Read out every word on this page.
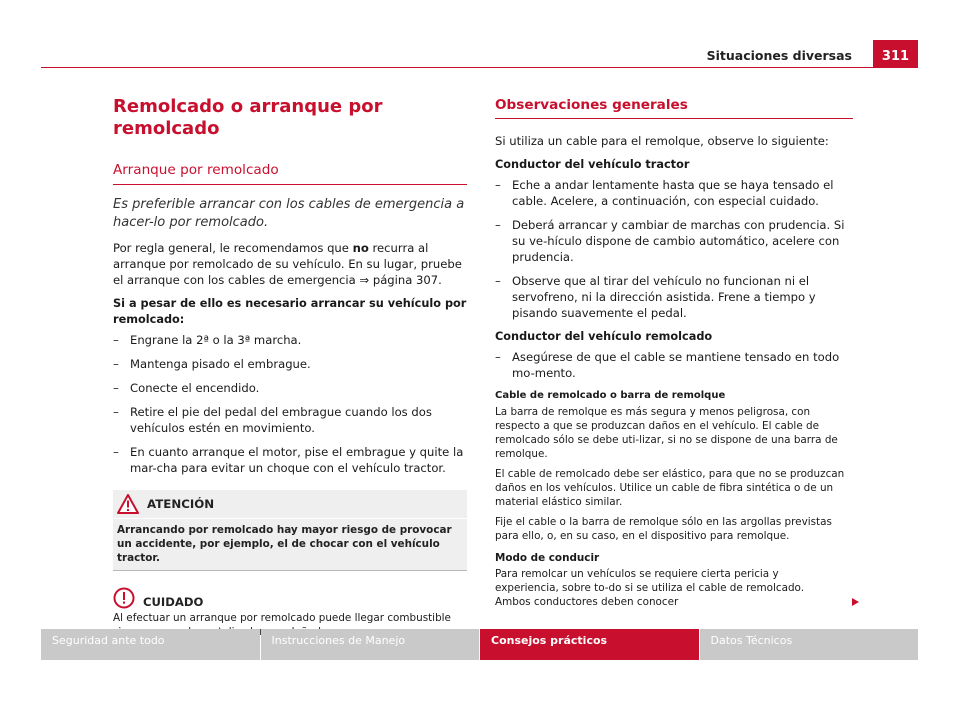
Situaciones diversas	311
Remolcado o arranque por remolcado
Arranque por remolcado
Es preferible arrancar con los cables de emergencia a hacer-lo por remolcado.

Por regla general, le recomendamos que no recurra al arranque por remolcado de su vehículo. En su lugar, pruebe el arranque con los cables de emergencia ⇒ página 307.

Si a pesar de ello es necesario arrancar su vehículo por remolcado:

– Engrane la 2ª o la 3ª marcha.
– Mantenga pisado el embrague.
– Conecte el encendido.
– Retire el pie del pedal del embrague cuando los dos vehículos estén en movimiento.
– En cuanto arranque el motor, pise el embrague y quite la mar-cha para evitar un choque con el vehículo tractor.
ATENCIÓN
Arrancando por remolcado hay mayor riesgo de provocar un accidente, por ejemplo, el de chocar con el vehículo tractor.
CUIDADO
Al efectuar un arranque por remolcado puede llegar combustible
Observaciones generales

Si utiliza un cable para el remolque, observe lo siguiente:

Conductor del vehículo tractor

– Eche a andar lentamente hasta que se haya tensado el cable. Acelere, a continuación, con especial cuidado.
– Deberá arrancar y cambiar de marchas con prudencia. Si su ve-hículo dispone de cambio automático, acelere con prudencia.
– Observe que al tirar del vehículo no funcionan ni el servofreno, ni la dirección asistida. Frene a tiempo y pisando suavemente el pedal.

Conductor del vehículo remolcado

– Asegúrese de que el cable se mantiene tensado en todo mo-mento.
Cable de remolcado o barra de remolque

La barra de remolque es más segura y menos peligrosa, con respecto a que se produzcan daños en el vehículo. El cable de remolcado sólo se debe uti-lizar, si no se dispone de una barra de remolque.

El cable de remolcado debe ser elástico, para que no se produzcan daños en los vehículos. Utilice un cable de fibra sintética o de un material elástico similar.

Fije el cable o la barra de remolque sólo en las argollas previstas para ello, o, en su caso, en el dispositivo para remolque.

Modo de conducir

Para remolcar un vehículos se requiere cierta pericia y experiencia, sobre to-do si se utiliza el cable de remolcado. Ambos conductores deben conocer

Seguridad ante todo	Instrucciones de Manejo	Consejos prácticos	Datos Técnicos
